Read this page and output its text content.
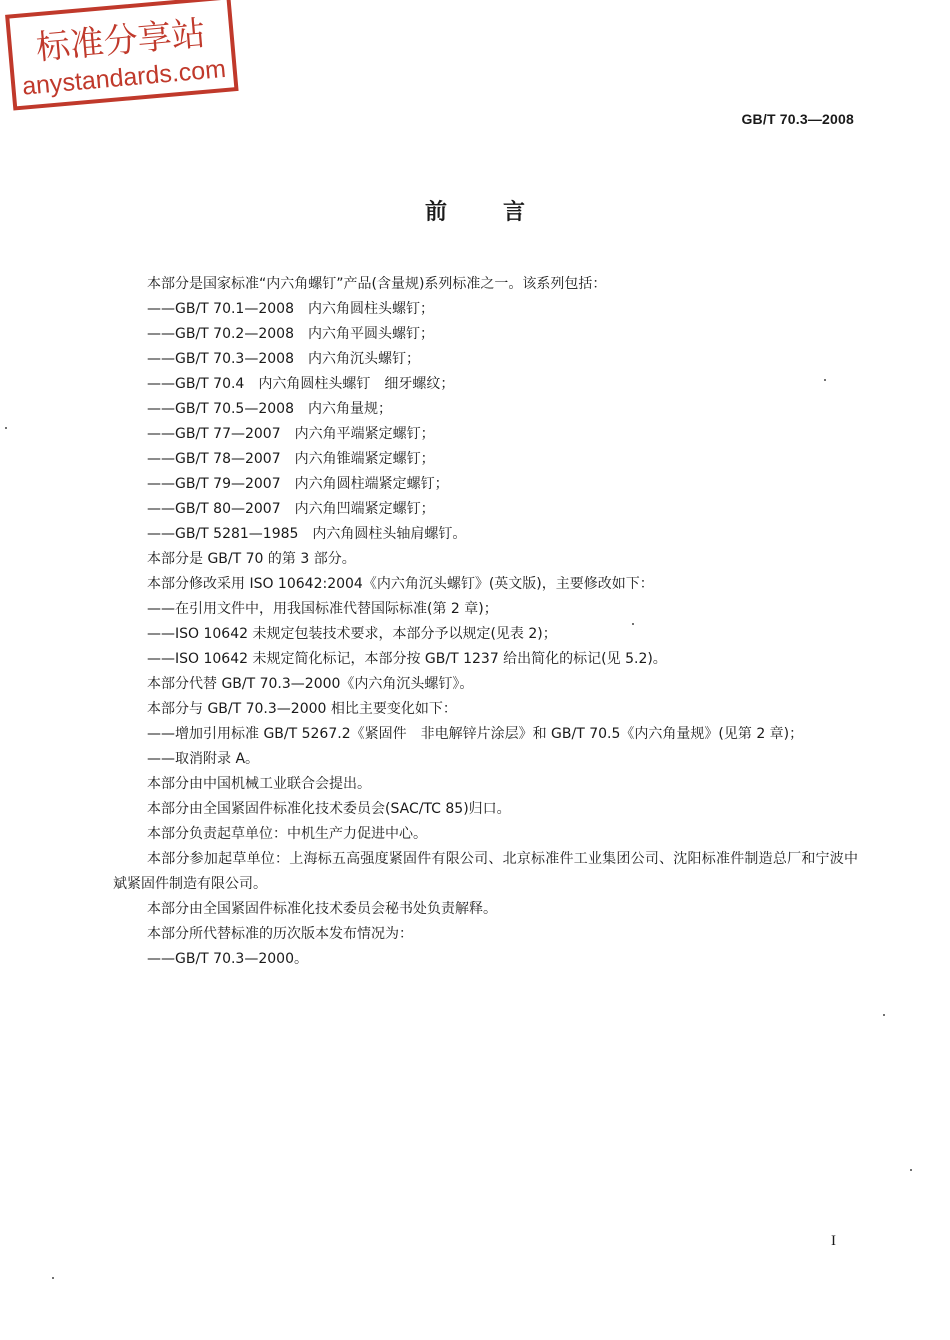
标准分享站
anystandards.com
GB/T 70.3—2008
前言

本部分是国家标准“内六角螺钉”产品(含量规)系列标准之一。该系列包括：

——GB/T 70.1—2008　内六角圆柱头螺钉；

——GB/T 70.2—2008　内六角平圆头螺钉；

——GB/T 70.3—2008　内六角沉头螺钉；

——GB/T 70.4　内六角圆柱头螺钉　细牙螺纹；

——GB/T 70.5—2008　内六角量规；

——GB/T 77—2007　内六角平端紧定螺钉；

——GB/T 78—2007　内六角锥端紧定螺钉；

——GB/T 79—2007　内六角圆柱端紧定螺钉；

——GB/T 80—2007　内六角凹端紧定螺钉；

——GB/T 5281—1985　内六角圆柱头轴肩螺钉。

本部分是 GB/T 70 的第 3 部分。

本部分修改采用 ISO 10642:2004《内六角沉头螺钉》(英文版)，主要修改如下：

——在引用文件中，用我国标准代替国际标准(第 2 章)；

——ISO 10642 未规定包装技术要求，本部分予以规定(见表 2)；

——ISO 10642 未规定简化标记，本部分按 GB/T 1237 给出简化的标记(见 5.2)。

本部分代替 GB/T 70.3—2000《内六角沉头螺钉》。

本部分与 GB/T 70.3—2000 相比主要变化如下：

——增加引用标准 GB/T 5267.2《紧固件　非电解锌片涂层》和 GB/T 70.5《内六角量规》(见第 2 章)；

——取消附录 A。

本部分由中国机械工业联合会提出。

本部分由全国紧固件标准化技术委员会(SAC/TC 85)归口。

本部分负责起草单位：中机生产力促进中心。

本部分参加起草单位：上海标五高强度紧固件有限公司、北京标准件工业集团公司、沈阳标准件制造总厂和宁波中斌紧固件制造有限公司。

本部分由全国紧固件标准化技术委员会秘书处负责解释。

本部分所代替标准的历次版本发布情况为：

——GB/T 70.3—2000。

I
